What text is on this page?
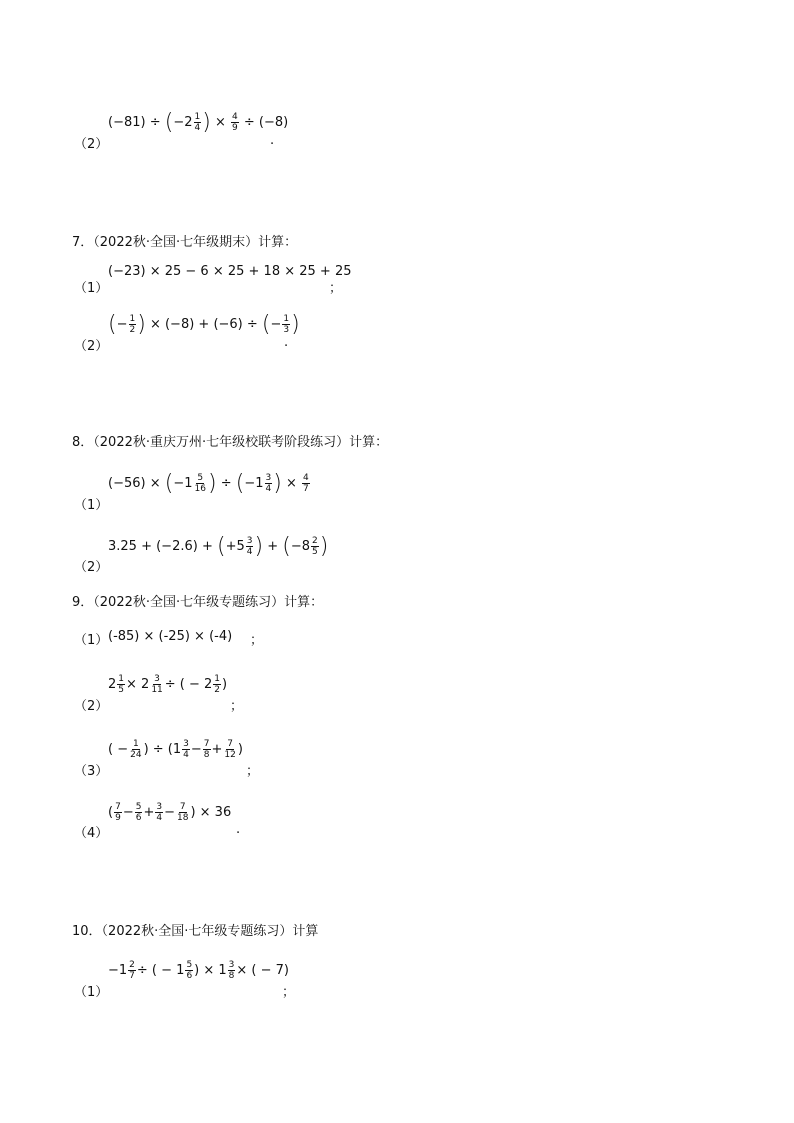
（2）
(−81) ÷ ( $-2 \frac{1}{4}$ ) × $\frac{4}{9} \div (-8)$
.
7．（2022秋·全国·七年级期末）计算：
（1）
(−23) × 25 − 6 × 25 + 18 × 25 + 25
；
（2）
( − $\frac{1}{2}$ ) × (−8) + (−6) ÷ ( − $\frac{1}{3}$ )
.
8．（2022秋·重庆万州·七年级校联考阶段练习）计算：
（1）
(−56) × ( $-1 \frac{5}{16}$ ) ÷ ( $-1 \frac{3}{4}$ ) × $\frac{4}{7}$
（2）
3.25 + (−2.6) + ( $+5 \frac{3}{4}$ ) + ( $-8 \frac{2}{5}$ )
9．（2022秋·全国·七年级专题练习）计算：
（1） (-85) × (-25) × (-4) ；
（2）
$2 \frac{1}{5} \times 2 \frac{3}{11}$ ÷ ( − $2 \frac{1}{2}$ )
；
（3）
( − $\frac{1}{24}$ ) ÷ ($1 \frac{3}{4} - \frac{7}{8} + \frac{7}{12}$ )
；
（4）
( $\frac{7}{9} - \frac{5}{6} + \frac{3}{4} - \frac{7}{18}$ ) × 36
.
10．（2022秋·全国·七年级专题练习）计算
（1）
$-1 \frac{2}{7}$ ÷ ( − $1 \frac{5}{6}$ ) × $1 \frac{3}{8}$ × ( − 7)
；
